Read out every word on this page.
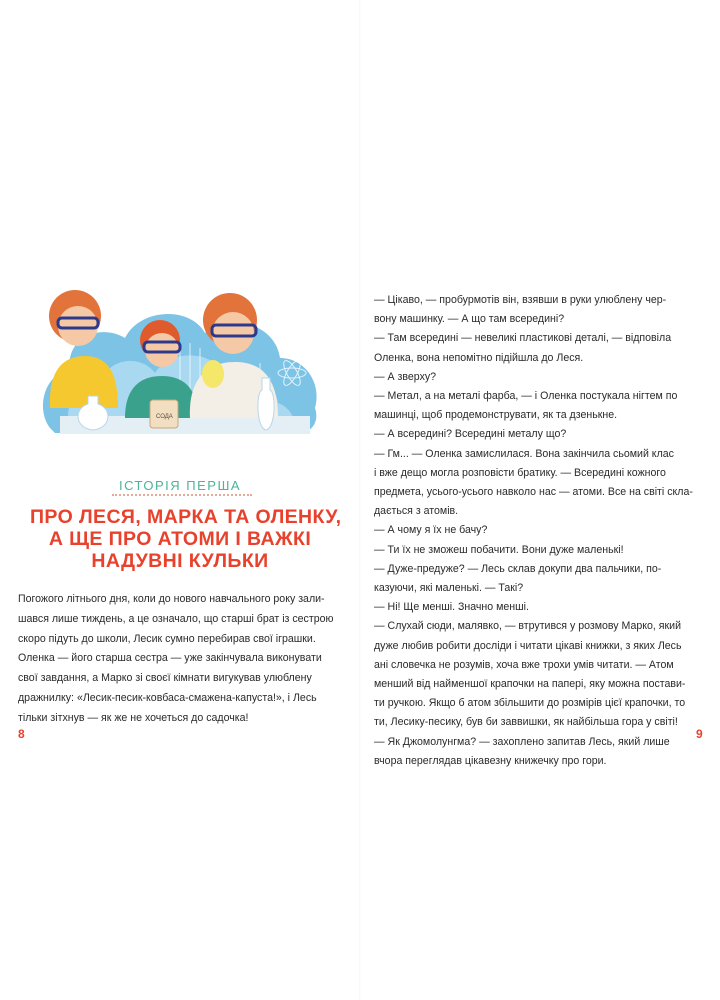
СОДА
ІСТОРІЯ ПЕРША
ПРО ЛЕСЯ, МАРКА ТА ОЛЕНКУ,
А ЩЕ ПРО АТОМИ І ВАЖКІ
НАДУВНІ КУЛЬКИ
Погожого літнього дня, коли до нового навчального року зали-
шався лише тиждень, а це означало, що старші брат із сестрою
скоро підуть до школи, Лесик сумно перебирав свої іграшки.
Оленка — його старша сестра — уже закінчувала виконувати
свої завдання, а Марко зі своєї кімнати вигукував улюблену
дражнилку: «Лесик-песик-ковбаса-смажена-капуста!», і Лесь
тільки зітхнув — як же не хочеться до садочка!
8
— Цікаво, — пробурмотів він, взявши в руки улюблену чер-
вону машинку. — А що там всередині?
— Там всередині — невеликі пластикові деталі, — відповіла
Оленка, вона непомітно підійшла до Леся.
— А зверху?
— Метал, а на металі фарба, — і Оленка постукала нігтем по
машинці, щоб продемонструвати, як та дзенькне.
— А всередині? Всередині металу що?
— Гм... — Оленка замислилася. Вона закінчила сьомий клас
і вже дещо могла розповісти братику. — Всередині кожного
предмета, усього-усього навколо нас — атоми. Все на світі скла-
дається з атомів.
— А чому я їх не бачу?
— Ти їх не зможеш побачити. Вони дуже маленькі!
— Дуже-предуже? — Лесь склав докупи два пальчики, по-
казуючи, які маленькі. — Такі?
— Ні! Ще менші. Значно менші.
— Слухай сюди, малявко, — втрутився у розмову Марко, який
дуже любив робити досліди і читати цікаві книжки, з яких Лесь
ані словечка не розумів, хоча вже трохи умів читати. — Атом
менший від найменшої крапочки на папері, яку можна постави-
ти ручкою. Якщо б атом збільшити до розмірів цієї крапочки, то
ти, Лесику-песику, був би заввишки, як найбільша гора у світі!
— Як Джомолунгма? — захоплено запитав Лесь, який лише
вчора переглядав цікавезну книжечку про гори.
9
